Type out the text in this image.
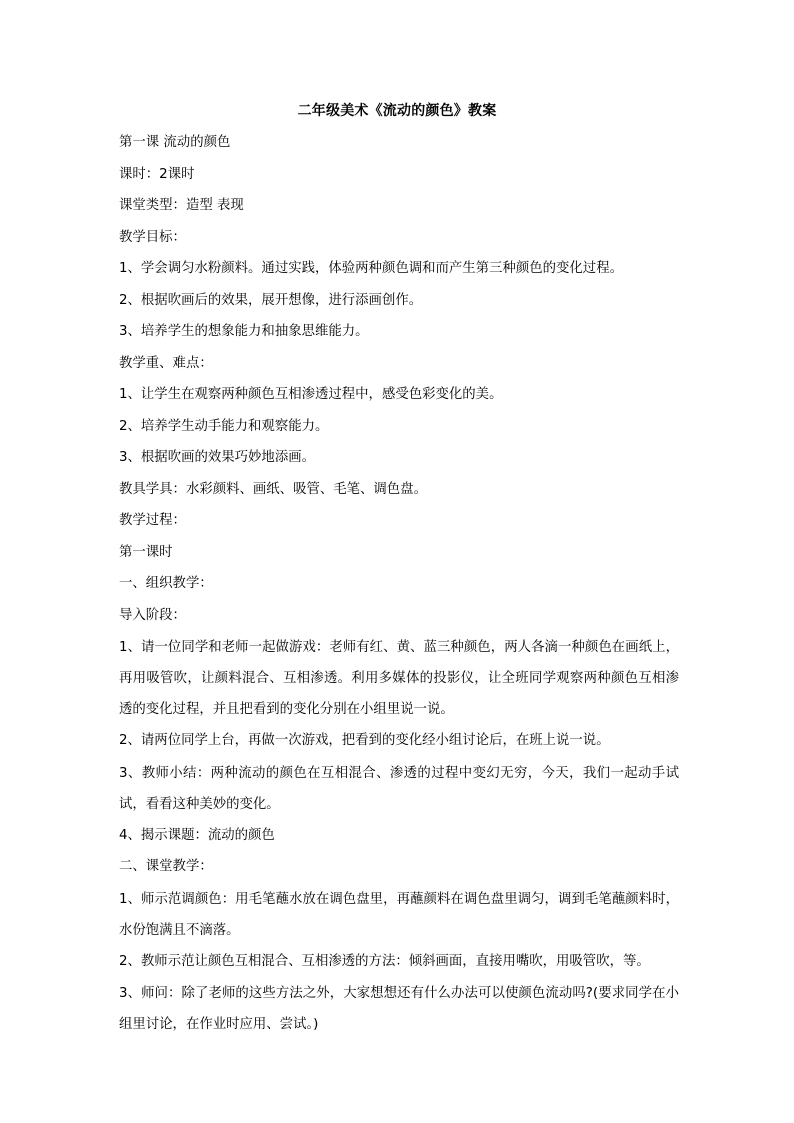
二年级美术《流动的颜色》教案

第一课 流动的颜色

课时：2课时

课堂类型：造型 表现

教学目标：

1、学会调匀水粉颜料。通过实践，体验两种颜色调和而产生第三种颜色的变化过程。

2、根据吹画后的效果，展开想像，进行添画创作。

3、培养学生的想象能力和抽象思维能力。

教学重、难点：

1、让学生在观察两种颜色互相渗透过程中，感受色彩变化的美。

2、培养学生动手能力和观察能力。

3、根据吹画的效果巧妙地添画。

教具学具：水彩颜料、画纸、吸管、毛笔、调色盘。

教学过程：

第一课时

一、组织教学：

导入阶段：

1、请一位同学和老师一起做游戏：老师有红、黄、蓝三种颜色，两人各滴一种颜色在画纸上，再用吸管吹，让颜料混合、互相渗透。利用多媒体的投影仪，让全班同学观察两种颜色互相渗透的变化过程，并且把看到的变化分别在小组里说一说。

2、请两位同学上台，再做一次游戏，把看到的变化经小组讨论后，在班上说一说。

3、教师小结：两种流动的颜色在互相混合、渗透的过程中变幻无穷，今天，我们一起动手试试，看看这种美妙的变化。

4、揭示课题：流动的颜色

二、课堂教学：

1、师示范调颜色：用毛笔蘸水放在调色盘里，再蘸颜料在调色盘里调匀，调到毛笔蘸颜料时，水份饱满且不滴落。

2、教师示范让颜色互相混合、互相渗透的方法：倾斜画面，直接用嘴吹，用吸管吹，等。

3、师问：除了老师的这些方法之外，大家想想还有什么办法可以使颜色流动吗?(要求同学在小组里讨论，在作业时应用、尝试。)
